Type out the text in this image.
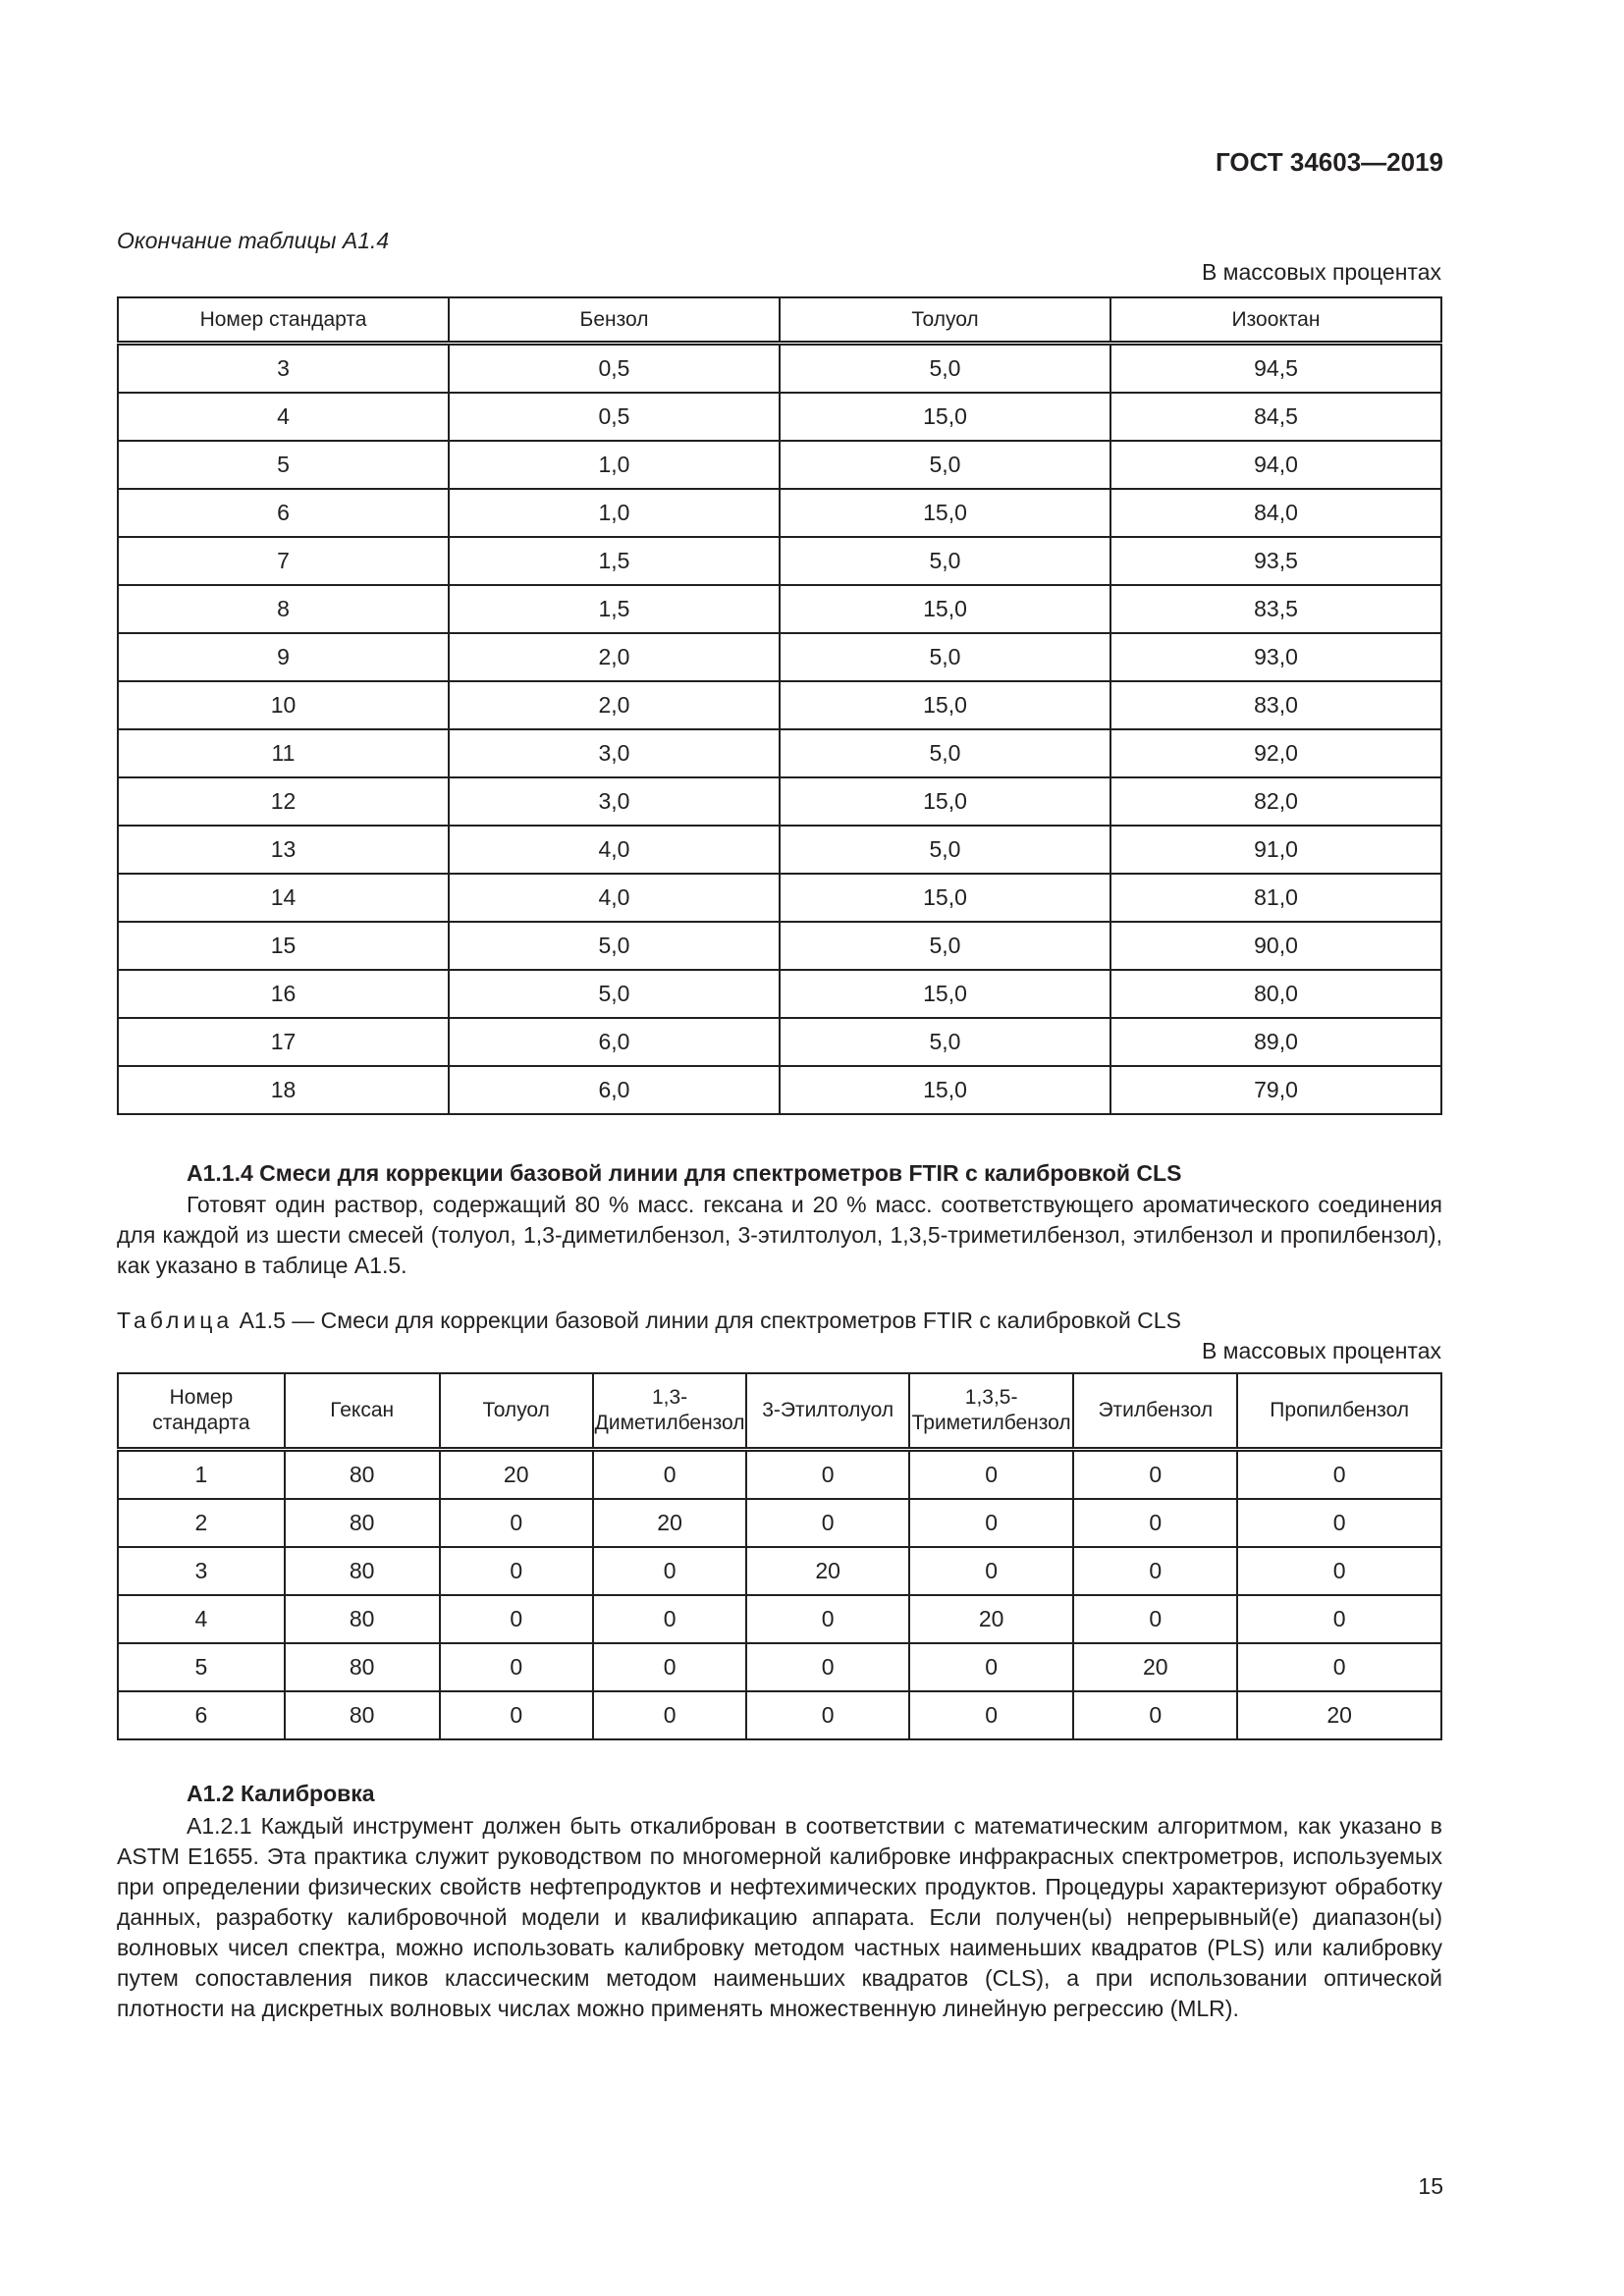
ГОСТ 34603—2019
Окончание таблицы А1.4
В массовых процентах
Номер стандарта	Бензол	Толуол	Изооктан
3	0,5	5,0	94,5
4	0,5	15,0	84,5
5	1,0	5,0	94,0
6	1,0	15,0	84,0
7	1,5	5,0	93,5
8	1,5	15,0	83,5
9	2,0	5,0	93,0
10	2,0	15,0	83,0
11	3,0	5,0	92,0
12	3,0	15,0	82,0
13	4,0	5,0	91,0
14	4,0	15,0	81,0
15	5,0	5,0	90,0
16	5,0	15,0	80,0
17	6,0	5,0	89,0
18	6,0	15,0	79,0
А1.1.4 Смеси для коррекции базовой линии для спектрометров FTIR с калибровкой CLS
Готовят один раствор, содержащий 80 % масс. гексана и 20 % масс. соответствующего ароматического соединения для каждой из шести смесей (толуол, 1,3-диметилбензол, 3-этилтолуол, 1,3,5-триметилбензол, этилбензол и пропилбензол), как указано в таблице А1.5.
Таблица А1.5 — Смеси для коррекции базовой линии для спектрометров FTIR с калибровкой CLS
В массовых процентах
Номер стандарта	Гексан	Толуол	1,3-Диметилбензол	3-Этилтолуол	1,3,5-Триметилбензол	Этилбензол	Пропилбензол
1	80	20	0	0	0	0	0
2	80	0	20	0	0	0	0
3	80	0	0	20	0	0	0
4	80	0	0	0	20	0	0
5	80	0	0	0	0	20	0
6	80	0	0	0	0	0	20
А1.2 Калибровка
А1.2.1 Каждый инструмент должен быть откалиброван в соответствии с математическим алгоритмом, как указано в ASTM E1655. Эта практика служит руководством по многомерной калибровке инфракрасных спектрометров, используемых при определении физических свойств нефтепродуктов и нефтехимических продуктов. Процедуры характеризуют обработку данных, разработку калибровочной модели и квалификацию аппарата. Если получен(ы) непрерывный(е) диапазон(ы) волновых чисел спектра, можно использовать калибровку методом частных наименьших квадратов (PLS) или калибровку путем сопоставления пиков классическим методом наименьших квадратов (CLS), а при использовании оптической плотности на дискретных волновых числах можно применять множественную линейную регрессию (MLR).
15
